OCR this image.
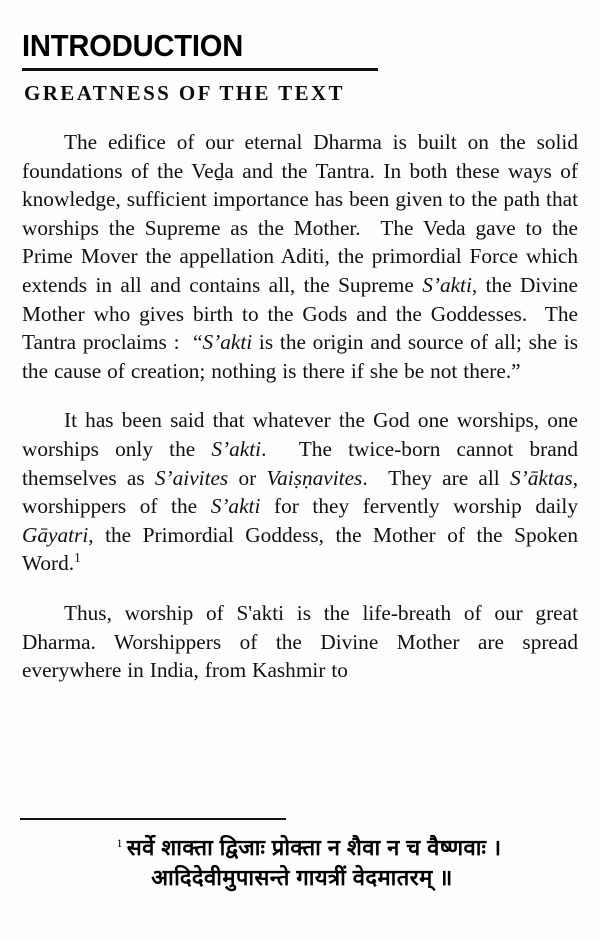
INTRODUCTION
GREATNESS OF THE TEXT

The edifice of our eternal Dharma is built on the solid foundations of the Veḏa and the Tantra. In both these ways of knowledge, sufficient importance has been given to the path that worships the Supreme as the Mother.  The Veda gave to the Prime Mover the appellation Aditi, the primordial Force which extends in all and contains all, the Supreme S’akti, the Divine Mother who gives birth to the Gods and the Goddesses.  The Tantra proclaims :  “S’akti is the origin and source of all; she is the cause of creation; nothing is there if she be not there.”

It has been said that whatever the God one worships, one worships only the S’akti.  The twice-born cannot brand themselves as S’aivites or Vaiṣṇavites.  They are all S’āktas, worshippers of the S’akti for they fervently worship daily Gāyatri, the Primordial Goddess, the Mother of the Spoken Word.$^1$

Thus, worship of S'akti is the life-breath of our great Dharma. Worshippers of the Divine Mother are spread everywhere in India, from Kashmir to

$^1$ सर्वे शाक्ता द्विजाः प्रोक्ता न शैवा न च वैष्णवाः ।
आदिदेवीमुपासन्ते गायत्रीं वेदमातरम् ॥
